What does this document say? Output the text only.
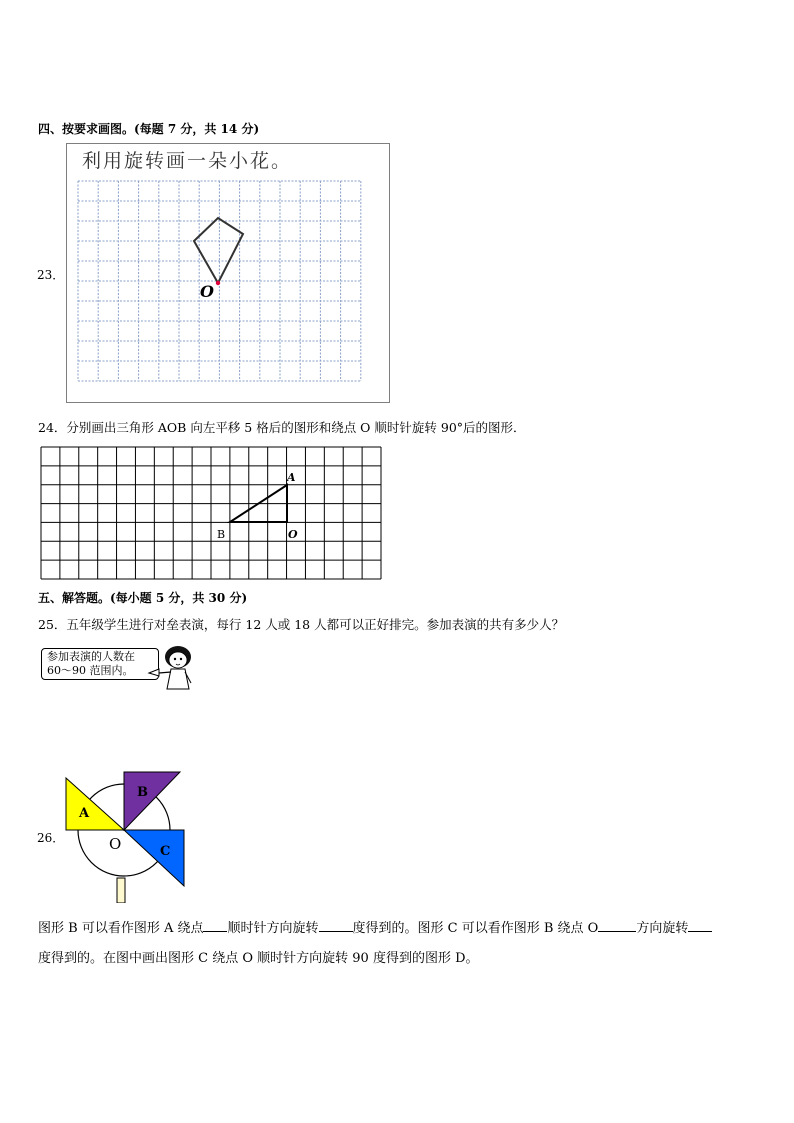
四、按要求画图。(每题 7 分，共 14 分)
23．
O
利用旋转画一朵小花。
24．分别画出三角形 AOB 向左平移 5 格后的图形和绕点 O 顺时针旋转 90°后的图形．
A
B	O
五、解答题。(每小题 5 分，共 30 分)
25．五年级学生进行对垒表演，每行 12 人或 18 人都可以正好排完。参加表演的共有多少人？
参加表演的人数在
60～90 范围内。
26．
A
B
C
O
图形 B 可以看作图形 A 绕点 顺时针方向旋转	度得到的。图形 C 可以看作图形 B 绕点 O	方向旋转
度得到的。在图中画出图形 C 绕点 O 顺时针方向旋转 90 度得到的图形 D。
